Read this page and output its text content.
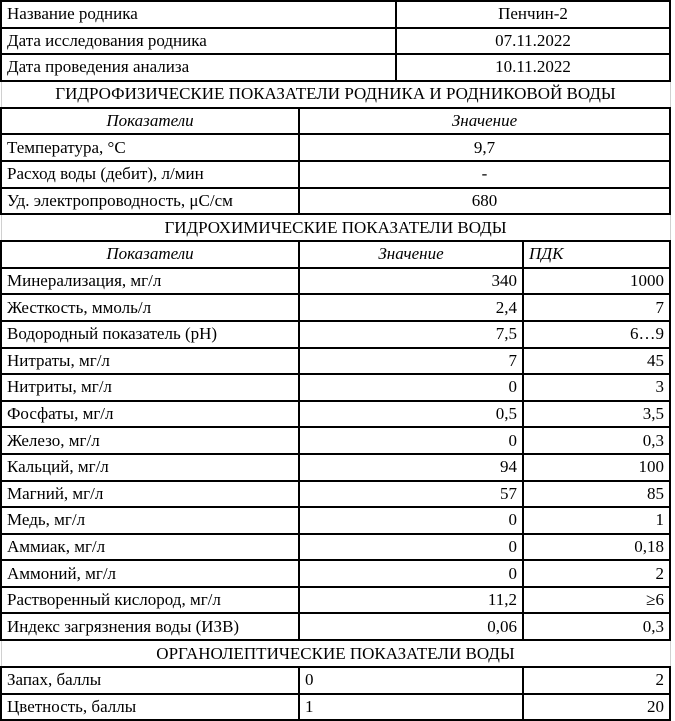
Название родника		Пенчин-2	
Дата исследования родника		07.11.2022	
Дата проведения анализа		10.11.2022	
ГИДРОФИЗИЧЕСКИЕ ПОКАЗАТЕЛИ РОДНИКА И РОДНИКОВОЙ ВОДЫ			
Показатели	Значение		
Температура, °С	9,7		
Расход воды (дебит), л/мин	-		
Уд. электропроводность, μС/см	680		
ГИДРОХИМИЧЕСКИЕ ПОКАЗАТЕЛИ ВОДЫ			
Показатели	Значение		ПДК
Минерализация, мг/л	340		1000
Жесткость, ммоль/л	2,4		7
Водородный показатель (pH)	7,5		6…9
Нитраты, мг/л	7		45
Нитриты, мг/л	0		3
Фосфаты, мг/л	0,5		3,5
Железо, мг/л	0		0,3
Кальций, мг/л	94		100
Магний, мг/л	57		85
Медь, мг/л	0		1
Аммиак, мг/л	0		0,18
Аммоний, мг/л	0		2
Растворенный кислород, мг/л	11,2		≥6
Индекс загрязнения воды (ИЗВ)	0,06		0,3
ОРГАНОЛЕПТИЧЕСКИЕ ПОКАЗАТЕЛИ ВОДЫ			
Запах, баллы	0		2
Цветность, баллы	1		20
